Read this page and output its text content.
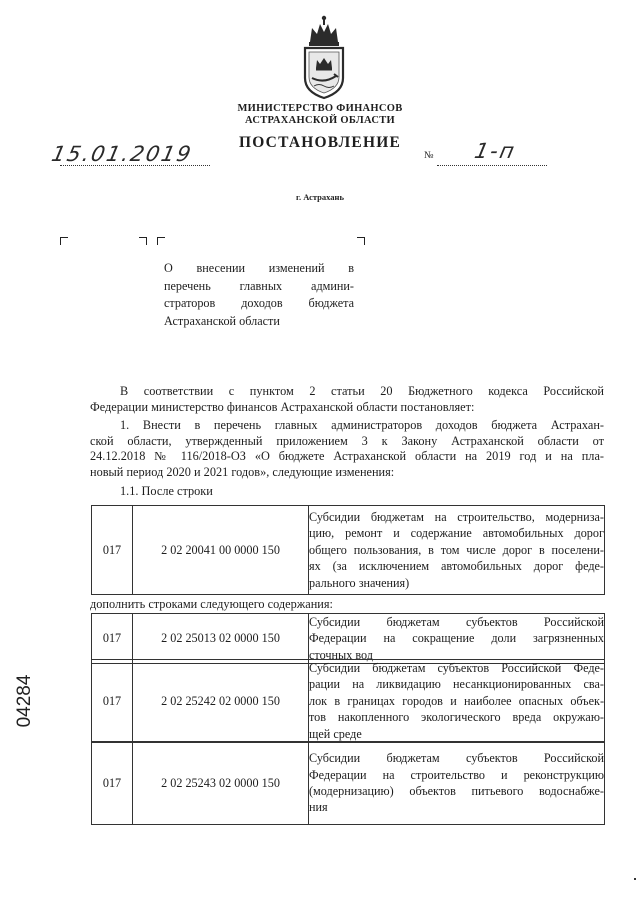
МИНИСТЕРСТВО ФИНАНСОВ
АСТРАХАНСКОЙ ОБЛАСТИ
ПОСТАНОВЛЕНИЕ
15.01.2019	№ 1-п
г. Астрахань
О внесении изменений в
перечень главных админи-
страторов доходов бюджета
Астраханской области
В соответствии с пунктом 2 статьи 20 Бюджетного кодекса Российской
Федерации министерство финансов Астраханской области постановляет:
1. Внести в перечень главных администраторов доходов бюджета Астрахан-
ской области, утвержденный приложением 3 к Закону Астраханской области от
24.12.2018 № 116/2018-ОЗ «О бюджете Астраханской области на 2019 год и на пла-
новый период 2020 и 2021 годов», следующие изменения:
1.1. После строки
017	2 02 20041 00 0000 150	
Субсидии бюджетам на строительство, модерниза-
цию, ремонт и содержание автомобильных дорог
общего пользования, в том числе дорог в поселени-
ях (за исключением автомобильных дорог феде-
рального значения)
дополнить строками следующего содержания:
017	2 02 25013 02 0000 150	
Субсидии бюджетам субъектов Российской
Федерации на сокращение доли загрязненных
сточных вод
017	2 02 25242 02 0000 150	
Субсидии бюджетам субъектов Российской Феде-
рации на ликвидацию несанкционированных сва-
лок в границах городов и наиболее опасных объек-
тов накопленного экологического вреда окружаю-
щей среде
017	2 02 25243 02 0000 150	
Субсидии бюджетам субъектов Российской
Федерации на строительство и реконструкцию
(модернизацию) объектов питьевого водоснабже-
ния
04284
